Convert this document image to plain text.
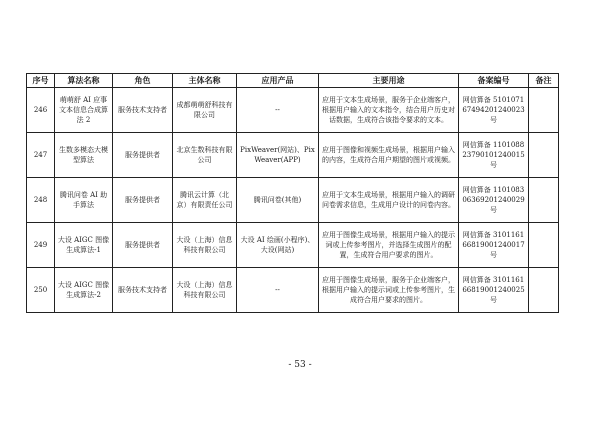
序号	算法名称	角色	主体名称	应用产品	主要用途	备案编号	备注
246	萌萌舒 AI 应事文本信息合成算法 2	服务技术支持者	成都萌萌舒科技有限公司	--	应用于文本生成场景，服务于企业端客户，根据用户输入的文本指令，结合用户历史对话数据，生成符合该指令要求的文本。	网信算备 510107167494201240023 号	
247	生数多模态大模型算法	服务提供者	北京生数科技有限公司	PixWeaver(网站)、PixWeaver(APP)	应用于图像和视频生成场景，根据用户输入的内容，生成符合用户期望的图片或视频。	网信算备 110108823790101240015 号	
248	腾讯问卷 AI 助手算法	服务提供者	腾讯云计算（北京）有限责任公司	腾讯问卷(其他)	应用于文本生成场景，根据用户输入的调研问卷需求信息，生成用户设计的问卷内容。	网信算备 110108306369201240029 号	
249	大设 AIGC 图像生成算法-1	服务提供者	大设（上海）信息科技有限公司	大设 AI 绘画(小程序)、大设(网站)	应用于图像生成场景，根据用户输入的提示词或上传参考图片，并选择生成图片的配置，生成符合用户要求的图片。	网信算备 310116166819001240017 号	
250	大设 AIGC 图像生成算法-2	服务技术支持者	大设（上海）信息科技有限公司	--	应用于图像生成场景，服务于企业端客户，根据用户输入的提示词或上传参考图片，生成符合用户要求的图片。	网信算备 310116166819001240025 号	
- 53 -
